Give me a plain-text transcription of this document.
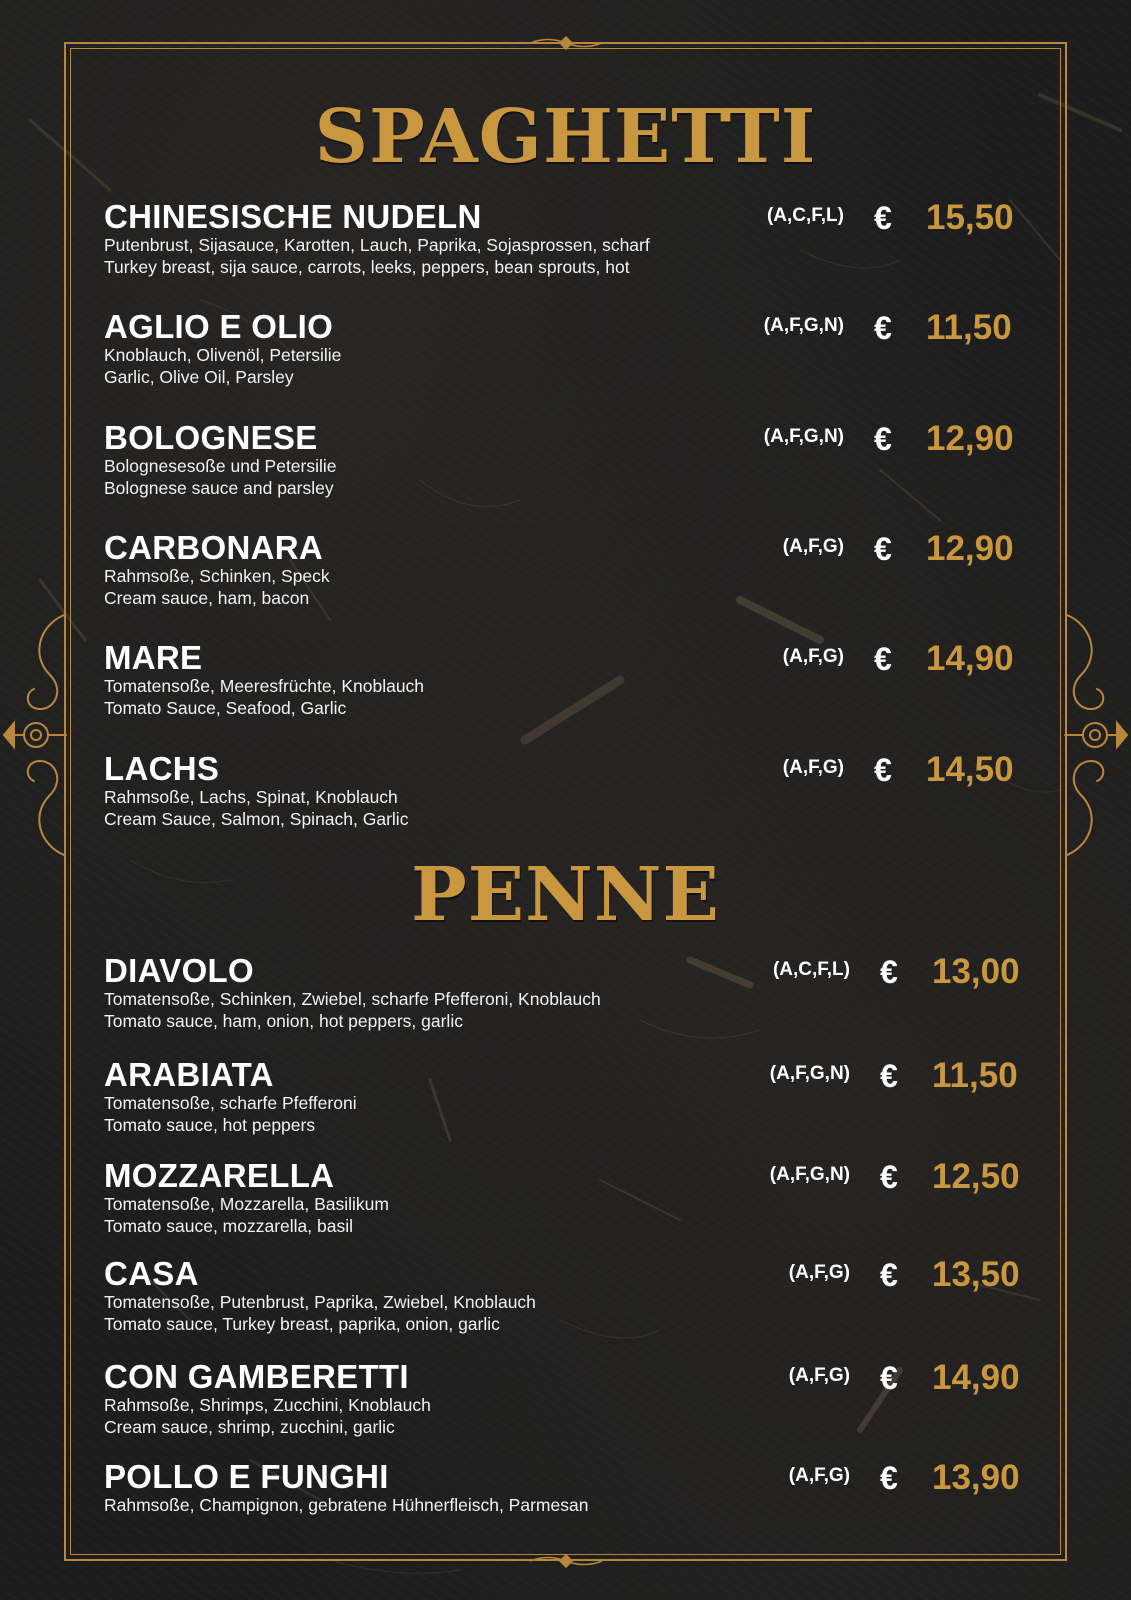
SPAGHETTI
CHINESISCHE NUDELN
Putenbrust, Sijasauce, Karotten, Lauch, Paprika, Sojasprossen, scharf
Turkey breast, sija sauce, carrots, leeks, peppers, bean sprouts, hot
(A,C,F,L) € 15,50
AGLIO E OLIO
Knoblauch, Olivenöl, Petersilie
Garlic, Olive Oil, Parsley
(A,F,G,N) € 11,50
BOLOGNESE
Bolognesesoße und Petersilie
Bolognese sauce and parsley
(A,F,G,N) € 12,90
CARBONARA
Rahmsoße, Schinken, Speck
Cream sauce, ham, bacon
(A,F,G) € 12,90
MARE
Tomatensoße, Meeresfrüchte, Knoblauch
Tomato Sauce, Seafood, Garlic
(A,F,G) € 14,90
LACHS
Rahmsoße, Lachs, Spinat, Knoblauch
Cream Sauce, Salmon, Spinach, Garlic
(A,F,G) € 14,50
PENNE
DIAVOLO
Tomatensoße, Schinken, Zwiebel, scharfe Pfefferoni, Knoblauch
Tomato sauce, ham, onion, hot peppers, garlic
(A,C,F,L) € 13,00
ARABIATA
Tomatensoße, scharfe Pfefferoni
Tomato sauce, hot peppers
(A,F,G,N) € 11,50
MOZZARELLA
Tomatensoße, Mozzarella, Basilikum
Tomato sauce, mozzarella, basil
(A,F,G,N) € 12,50
CASA
Tomatensoße, Putenbrust, Paprika, Zwiebel, Knoblauch
Tomato sauce, Turkey breast, paprika, onion, garlic
(A,F,G) € 13,50
CON GAMBERETTI
Rahmsoße, Shrimps, Zucchini, Knoblauch
Cream sauce, shrimp, zucchini, garlic
(A,F,G) € 14,90
POLLO E FUNGHI
Rahmsoße, Champignon, gebratene Hühnerfleisch, Parmesan
(A,F,G) € 13,90
